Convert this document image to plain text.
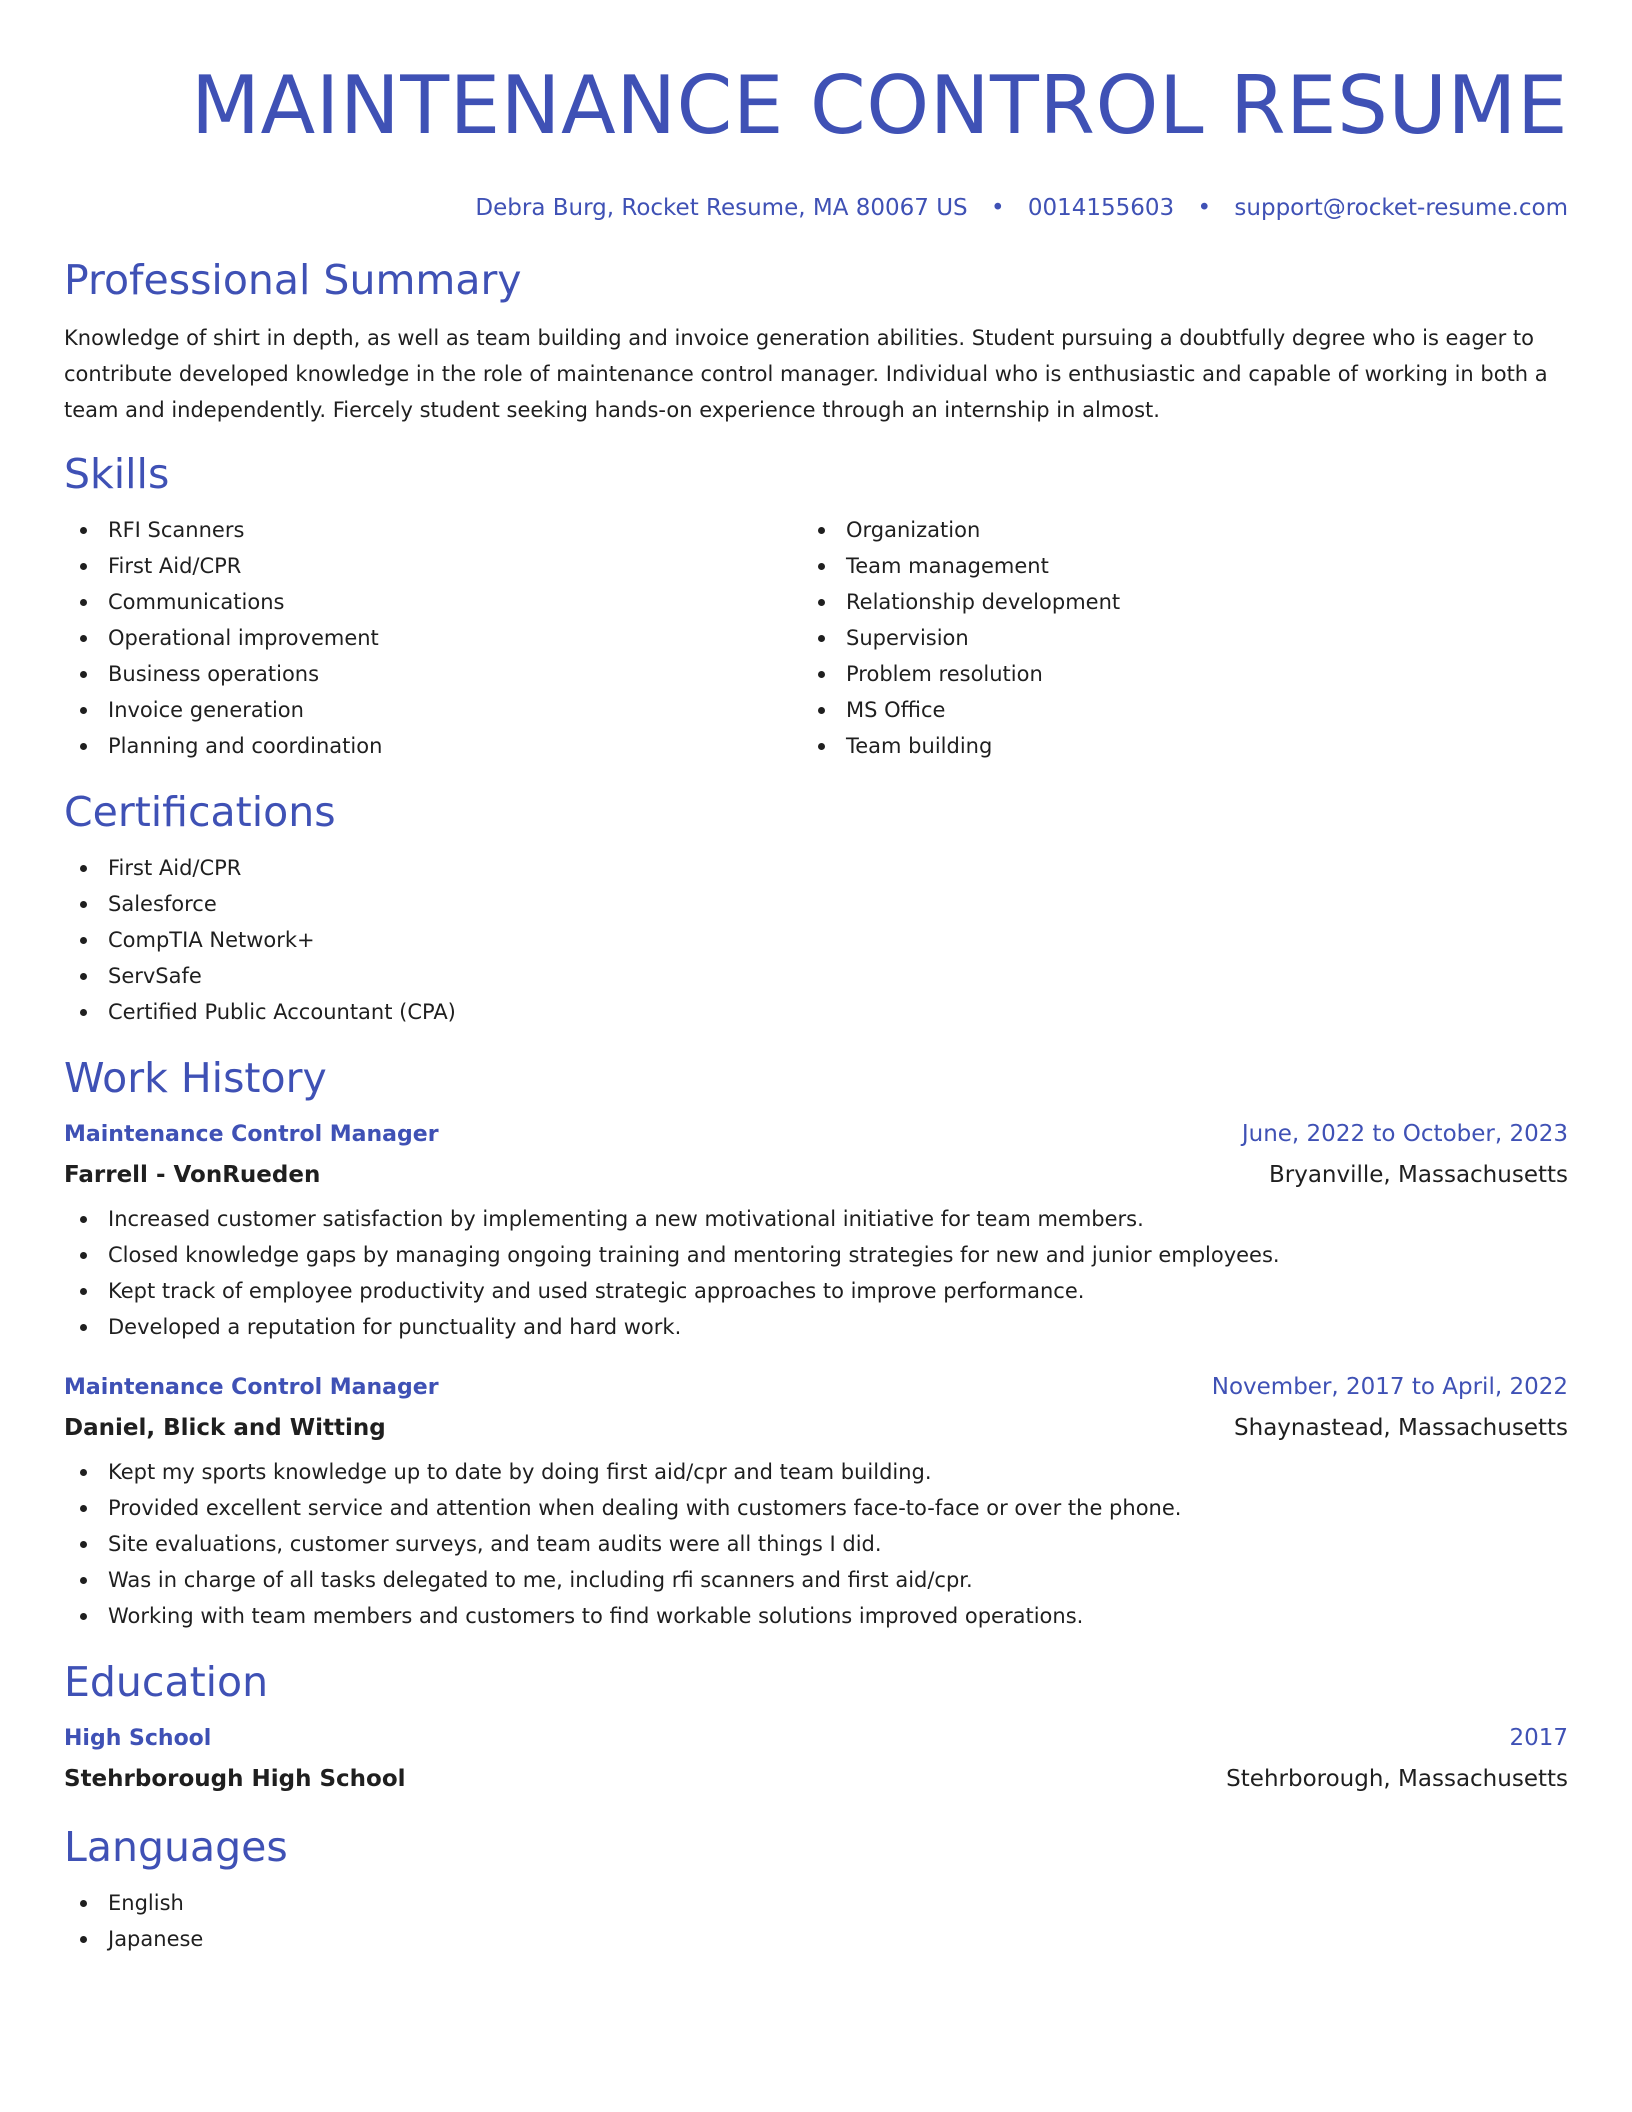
MAINTENANCE CONTROL RESUME
Debra Burg, Rocket Resume, MA 80067 US • 0014155603 • support@rocket-resume.com
Professional Summary

Knowledge of shirt in depth, as well as team building and invoice generation abilities. Student pursuing a doubtfully degree who is eager to contribute developed knowledge in the role of maintenance control manager. Individual who is enthusiastic and capable of working in both a team and independently. Fiercely student seeking hands-on experience through an internship in almost.

Skills
RFI Scanners
First Aid/CPR
Communications
Operational improvement
Business operations
Invoice generation
Planning and coordination
Organization
Team management
Relationship development
Supervision
Problem resolution
MS Office
Team building
Certifications
First Aid/CPR
Salesforce
CompTIA Network+
ServSafe
Certified Public Accountant (CPA)
Work History
Maintenance Control Manager	June, 2022 to October, 2023
Farrell - VonRueden	Bryanville, Massachusetts
Increased customer satisfaction by implementing a new motivational initiative for team members.
Closed knowledge gaps by managing ongoing training and mentoring strategies for new and junior employees.
Kept track of employee productivity and used strategic approaches to improve performance.
Developed a reputation for punctuality and hard work.
Maintenance Control Manager	November, 2017 to April, 2022
Daniel, Blick and Witting	Shaynastead, Massachusetts
Kept my sports knowledge up to date by doing first aid/cpr and team building.
Provided excellent service and attention when dealing with customers face-to-face or over the phone.
Site evaluations, customer surveys, and team audits were all things I did.
Was in charge of all tasks delegated to me, including rfi scanners and first aid/cpr.
Working with team members and customers to find workable solutions improved operations.
Education
High School	2017
Stehrborough High School	Stehrborough, Massachusetts
Languages
English
Japanese
